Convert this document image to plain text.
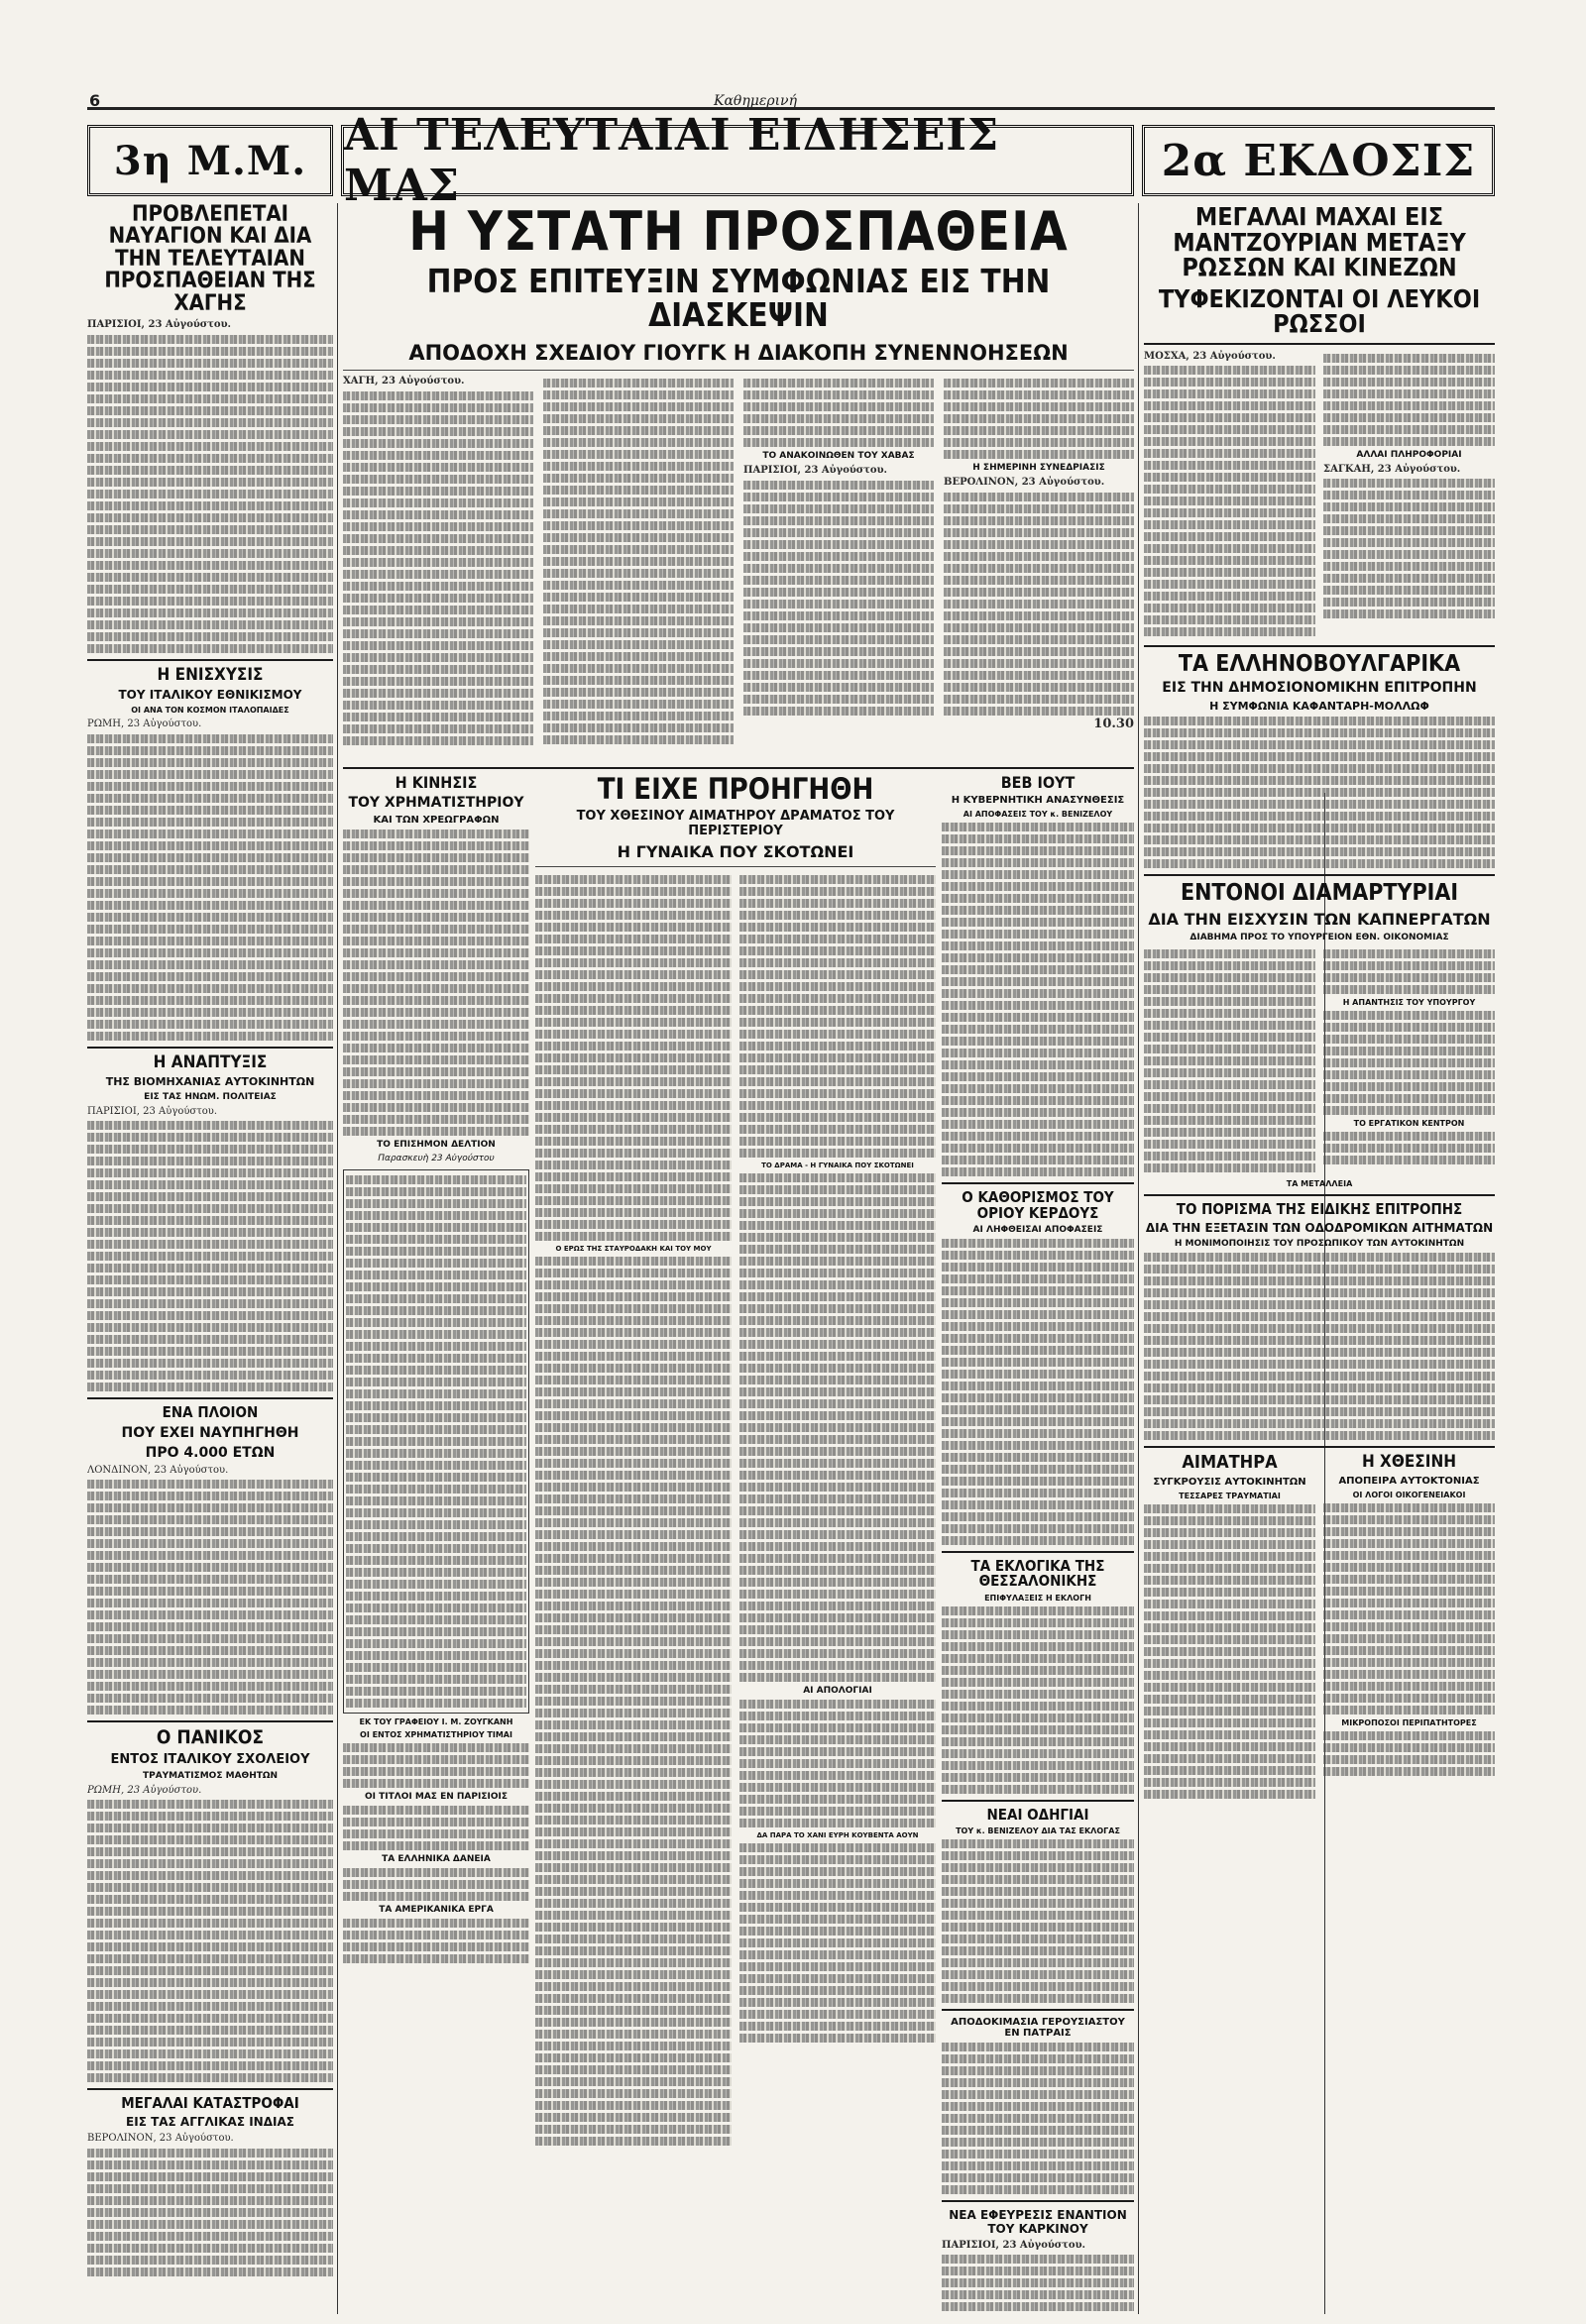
6	Καθημερινή
3η Μ.Μ. ΑΙ ΤΕΛΕΥΤΑΙΑΙ ΕΙΔΗΣΕΙΣ ΜΑΣ	2α ΕΚΔΟΣΙΣ
ΠΡΟΒΛΕΠΕΤΑΙ ΝΑΥΑΓΙΟΝ ΚΑΙ ΔΙΑ ΤΗΝ ΤΕΛΕΥΤΑΙΑΝ ΠΡΟΣΠΑΘΕΙΑΝ ΤΗΣ ΧΑΓΗΣ

ΠΑΡΙΣΙΟΙ, 23 Αὐγούστου.

Η ΕΝΙΣΧΥΣΙΣ

ΤΟΥ ΙΤΑΛΙΚΟΥ ΕΘΝΙΚΙΣΜΟΥ

ΟΙ ΑΝΑ ΤΟΝ ΚΟΣΜΟΝ ΙΤΑΛΟΠΑΙΔΕΣ

ΡΩΜΗ, 23 Αὐγούστου.

Η ΑΝΑΠΤΥΞΙΣ

ΤΗΣ ΒΙΟΜΗΧΑΝΙΑΣ ΑΥΤΟΚΙΝΗΤΩΝ

ΕΙΣ ΤΑΣ ΗΝΩΜ. ΠΟΛΙΤΕΙΑΣ

ΠΑΡΙΣΙΟΙ, 23 Αὐγούστου.

ΕΝΑ ΠΛΟΙΟΝ

ΠΟΥ ΕΧΕΙ ΝΑΥΠΗΓΗΘΗ

ΠΡΟ 4.000 ΕΤΩΝ

ΛΟΝΔΙΝΟΝ, 23 Αὐγούστου.

Ο ΠΑΝΙΚΟΣ

ΕΝΤΟΣ ΙΤΑΛΙΚΟΥ ΣΧΟΛΕΙΟΥ

ΤΡΑΥΜΑΤΙΣΜΟΣ ΜΑΘΗΤΩΝ

ΡΩΜΗ, 23 Αὐγούστου.

ΜΕΓΑΛΑΙ ΚΑΤΑΣΤΡΟΦΑΙ

ΕΙΣ ΤΑΣ ΑΓΓΛΙΚΑΣ ΙΝΔΙΑΣ

ΒΕΡΟΛΙΝΟΝ, 23 Αὐγούστου.

Η ΥΣΤΑΤΗ ΠΡΟΣΠΑΘΕΙΑ
ΠΡΟΣ ΕΠΙΤΕΥΞΙΝ ΣΥΜΦΩΝΙΑΣ ΕΙΣ ΤΗΝ ΔΙΑΣΚΕΨΙΝ

ΑΠΟΔΟΧΗ ΣΧΕΔΙΟΥ ΓΙΟΥΓΚ Η ΔΙΑΚΟΠΗ ΣΥΝΕΝΝΟΗΣΕΩΝ

ΧΑΓΗ, 23 Αὐγούστου.

ΤΟ ΑΝΑΚΟΙΝΩΘΕΝ ΤΟΥ ΧΑΒΑΣ

ΠΑΡΙΣΙΟΙ, 23 Αὐγούστου.	Η ΣΗΜΕΡΙΝΗ ΣΥΝΕΔΡΙΑΣΙΣ

ΒΕΡΟΛΙΝΟΝ, 23 Αὐγούστου.

10.30

ΜΕΓΑΛΑΙ ΜΑΧΑΙ ΕΙΣ ΜΑΝΤΖΟΥΡΙΑΝ ΜΕΤΑΞΥ ΡΩΣΣΩΝ ΚΑΙ ΚΙΝΕΖΩΝ
ΤΥΦΕΚΙΖΟΝΤΑΙ ΟΙ ΛΕΥΚΟΙ ΡΩΣΣΟΙ

ΜΟΣΧΑ, 23 Αὐγούστου.

ΑΛΛΑΙ ΠΛΗΡΟΦΟΡΙΑΙ

ΣΑΓΚΑΗ, 23 Αὐγούστου.

ΤΑ ΕΛΛΗΝΟΒΟΥΛΓΑΡΙΚΑ

ΕΙΣ ΤΗΝ ΔΗΜΟΣΙΟΝΟΜΙΚΗΝ ΕΠΙΤΡΟΠΗΝ

Η ΣΥΜΦΩΝΙΑ ΚΑΦΑΝΤΑΡΗ-ΜΟΛΛΩΦ

ΕΝΤΟΝΟΙ ΔΙΑΜΑΡΤΥΡΙΑΙ

ΔΙΑ ΤΗΝ ΕΙΣΧΥΣΙΝ ΤΩΝ ΚΑΠΝΕΡΓΑΤΩΝ

ΔΙΑΒΗΜΑ ΠΡΟΣ ΤΟ ΥΠΟΥΡΓΕΙΟΝ ΕΘΝ. ΟΙΚΟΝΟΜΙΑΣ

Η ΑΠΑΝΤΗΣΙΣ ΤΟΥ ΥΠΟΥΡΓΟΥ

ΤΟ ΕΡΓΑΤΙΚΟΝ ΚΕΝΤΡΟΝ

ΤΑ ΜΕΤΑΛΛΕΙΑ

ΤΟ ΠΟΡΙΣΜΑ ΤΗΣ ΕΙΔΙΚΗΣ ΕΠΙΤΡΟΠΗΣ

ΔΙΑ ΤΗΝ ΕΞΕΤΑΣΙΝ ΤΩΝ ΟΔΟΔΡΟΜΙΚΩΝ ΑΙΤΗΜΑΤΩΝ

Η ΜΟΝΙΜΟΠΟΙΗΣΙΣ ΤΟΥ ΠΡΟΣΩΠΙΚΟΥ ΤΩΝ ΑΥΤΟΚΙΝΗΤΩΝ

ΑΙΜΑΤΗΡΑ

ΣΥΓΚΡΟΥΣΙΣ ΑΥΤΟΚΙΝΗΤΩΝ

ΤΕΣΣΑΡΕΣ ΤΡΑΥΜΑΤΙΑΙ

Η ΧΘΕΣΙΝΗ

ΑΠΟΠΕΙΡΑ ΑΥΤΟΚΤΟΝΙΑΣ

ΟΙ ΛΟΓΟΙ ΟΙΚΟΓΕΝΕΙΑΚΟΙ

ΜΙΚΡΟΠΟΣΟΙ ΠΕΡΙΠΑΤΗΤΟΡΕΣ

Η ΚΙΝΗΣΙΣ

ΤΟΥ ΧΡΗΜΑΤΙΣΤΗΡΙΟΥ

ΚΑΙ ΤΩΝ ΧΡΕΩΓΡΑΦΩΝ

ΤΟ ΕΠΙΣΗΜΟΝ ΔΕΛΤΙΟΝ

Παρασκευὴ 23 Αὐγούστου

ΕΚ ΤΟΥ ΓΡΑΦΕΙΟΥ Ι. Μ. ΖΟΥΓΚΑΝΗ

ΟΙ ΕΝΤΟΣ ΧΡΗΜΑΤΙΣΤΗΡΙΟΥ ΤΙΜΑΙ

ΟΙ ΤΙΤΛΟΙ ΜΑΣ ΕΝ ΠΑΡΙΣΙΟΙΣ

ΤΑ ΕΛΛΗΝΙΚΑ ΔΑΝΕΙΑ

ΤΑ ΑΜΕΡΙΚΑΝΙΚΑ ΕΡΓΑ

ΤΙ ΕΙΧΕ ΠΡΟΗΓΗΘΗ

ΤΟΥ ΧΘΕΣΙΝΟΥ ΑΙΜΑΤΗΡΟΥ ΔΡΑΜΑΤΟΣ ΤΟΥ ΠΕΡΙΣΤΕΡΙΟΥ

Η ΓΥΝΑΙΚΑ ΠΟΥ ΣΚΟΤΩΝΕΙ

Ο ΕΡΩΣ ΤΗΣ ΣΤΑΥΡΟΔΑΚΗ ΚΑΙ ΤΟΥ ΜΟΥ

ΤΟ ΔΡΑΜΑ - Η ΓΥΝΑΙΚΑ ΠΟΥ ΣΚΟΤΩΝΕΙ

ΑΙ ΑΠΟΛΟΓΙΑΙ

ΔΑ ΠΑΡΑ ΤΟ ΧΑΝΙ ΕΥΡΗ ΚΟΥΒΕΝΤΑ ΑΟΥΝ

ΒΕΒ ΙΟΥΤ

Η ΚΥΒΕΡΝΗΤΙΚΗ ΑΝΑΣΥΝΘΕΣΙΣ

ΑΙ ΑΠΟΦΑΣΕΙΣ ΤΟΥ κ. ΒΕΝΙΖΕΛΟΥ

Ο ΚΑΘΟΡΙΣΜΟΣ ΤΟΥ ΟΡΙΟΥ ΚΕΡΔΟΥΣ

ΑΙ ΛΗΦΘΕΙΣΑΙ ΑΠΟΦΑΣΕΙΣ

ΤΑ ΕΚΛΟΓΙΚΑ ΤΗΣ ΘΕΣΣΑΛΟΝΙΚΗΣ

ΕΠΙΦΥΛΑΞΕΙΣ Η ΕΚΛΟΓΗ

ΝΕΑΙ ΟΔΗΓΙΑΙ

ΤΟΥ κ. ΒΕΝΙΖΕΛΟΥ ΔΙΑ ΤΑΣ ΕΚΛΟΓΑΣ

ΑΠΟΔΟΚΙΜΑΣΙΑ ΓΕΡΟΥΣΙΑΣΤΟΥ ΕΝ ΠΑΤΡΑΙΣ

ΝΕΑ ΕΦΕΥΡΕΣΙΣ ΕΝΑΝΤΙΟΝ ΤΟΥ ΚΑΡΚΙΝΟΥ

ΠΑΡΙΣΙΟΙ, 23 Αὐγούστου.
